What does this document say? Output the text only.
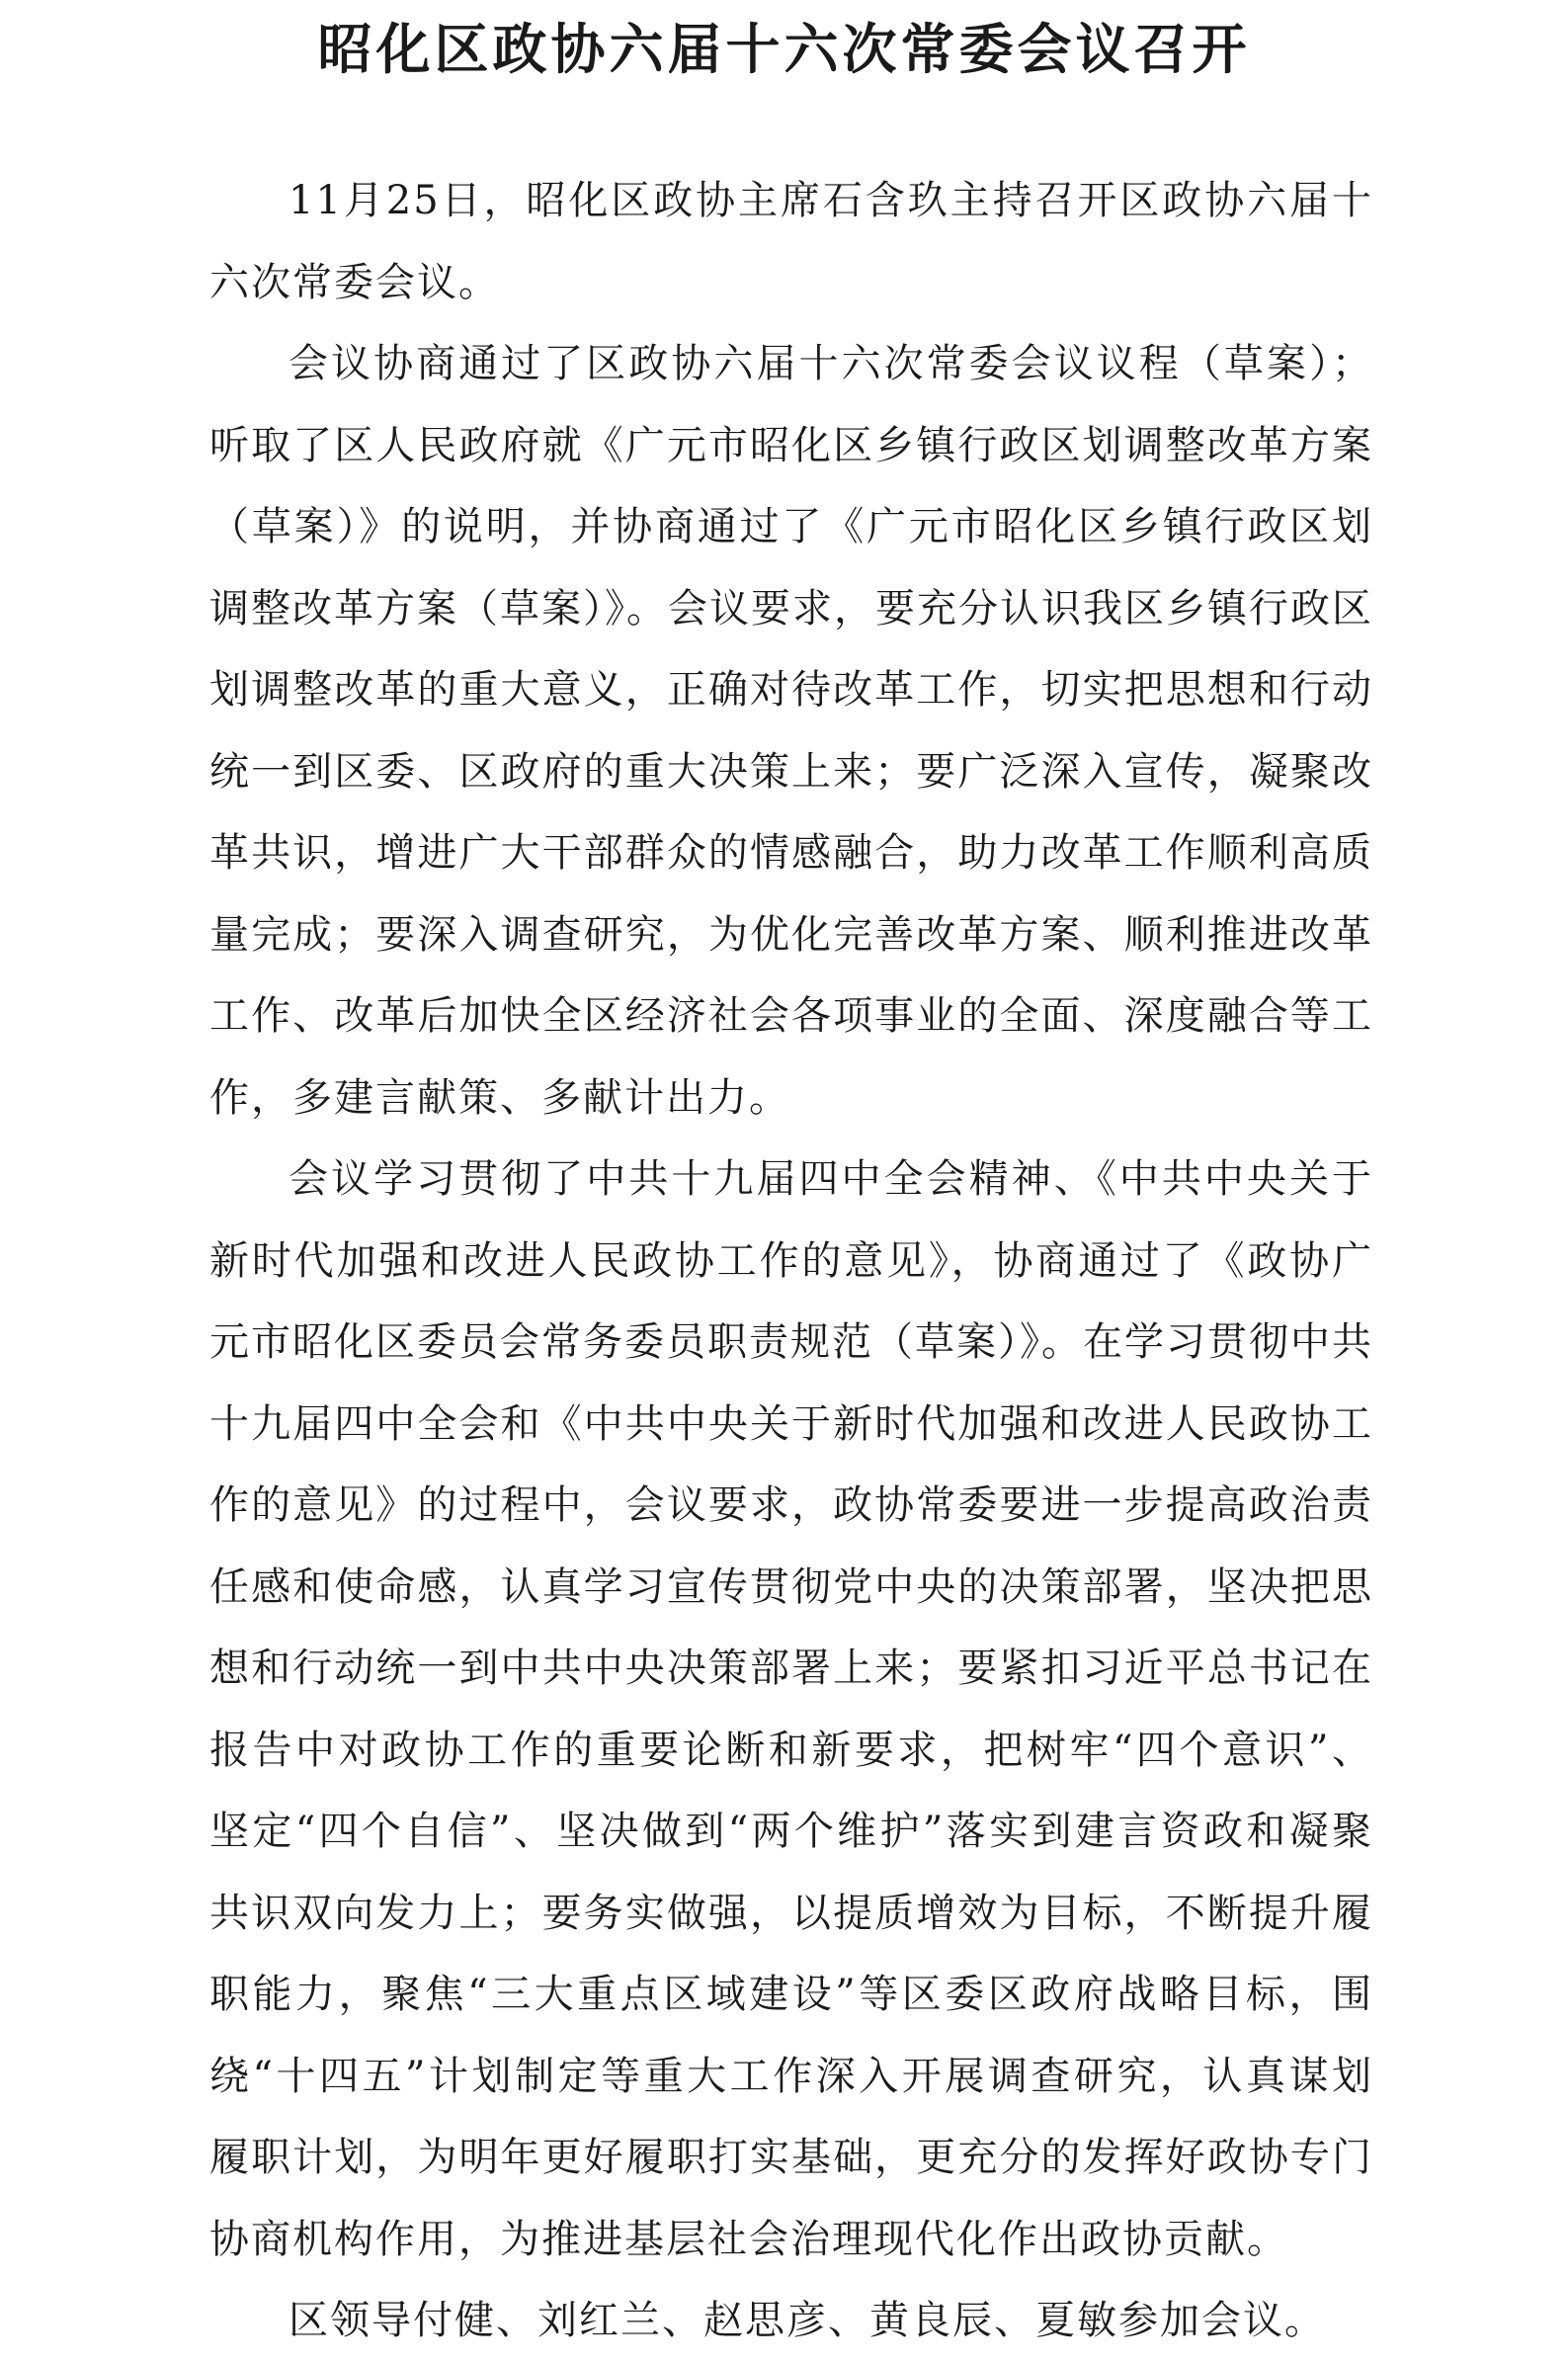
昭化区政协六届十六次常委会议召开

11月25日，昭化区政协主席石含玖主持召开区政协六届十六次常委会议。

会议协商通过了区政协六届十六次常委会议议程（草案）；听取了区人民政府就《广元市昭化区乡镇行政区划调整改革方案（草案）》的说明，并协商通过了《广元市昭化区乡镇行政区划调整改革方案（草案）》。会议要求，要充分认识我区乡镇行政区划调整改革的重大意义，正确对待改革工作，切实把思想和行动统一到区委、区政府的重大决策上来；要广泛深入宣传，凝聚改革共识，增进广大干部群众的情感融合，助力改革工作顺利高质量完成；要深入调查研究，为优化完善改革方案、顺利推进改革工作、改革后加快全区经济社会各项事业的全面、深度融合等工作，多建言献策、多献计出力。

会议学习贯彻了中共十九届四中全会精神、《中共中央关于新时代加强和改进人民政协工作的意见》，协商通过了《政协广元市昭化区委员会常务委员职责规范（草案）》。在学习贯彻中共十九届四中全会和《中共中央关于新时代加强和改进人民政协工作的意见》的过程中，会议要求，政协常委要进一步提高政治责任感和使命感，认真学习宣传贯彻党中央的决策部署，坚决把思想和行动统一到中共中央决策部署上来；要紧扣习近平总书记在报告中对政协工作的重要论断和新要求，把树牢“四个意识”、坚定“四个自信”、坚决做到“两个维护”落实到建言资政和凝聚共识双向发力上；要务实做强，以提质增效为目标，不断提升履职能力，聚焦“三大重点区域建设”等区委区政府战略目标，围绕“十四五”计划制定等重大工作深入开展调查研究，认真谋划履职计划，为明年更好履职打实基础，更充分的发挥好政协专门协商机构作用，为推进基层社会治理现代化作出政协贡献。

区领导付健、刘红兰、赵思彦、黄良辰、夏敏参加会议。
